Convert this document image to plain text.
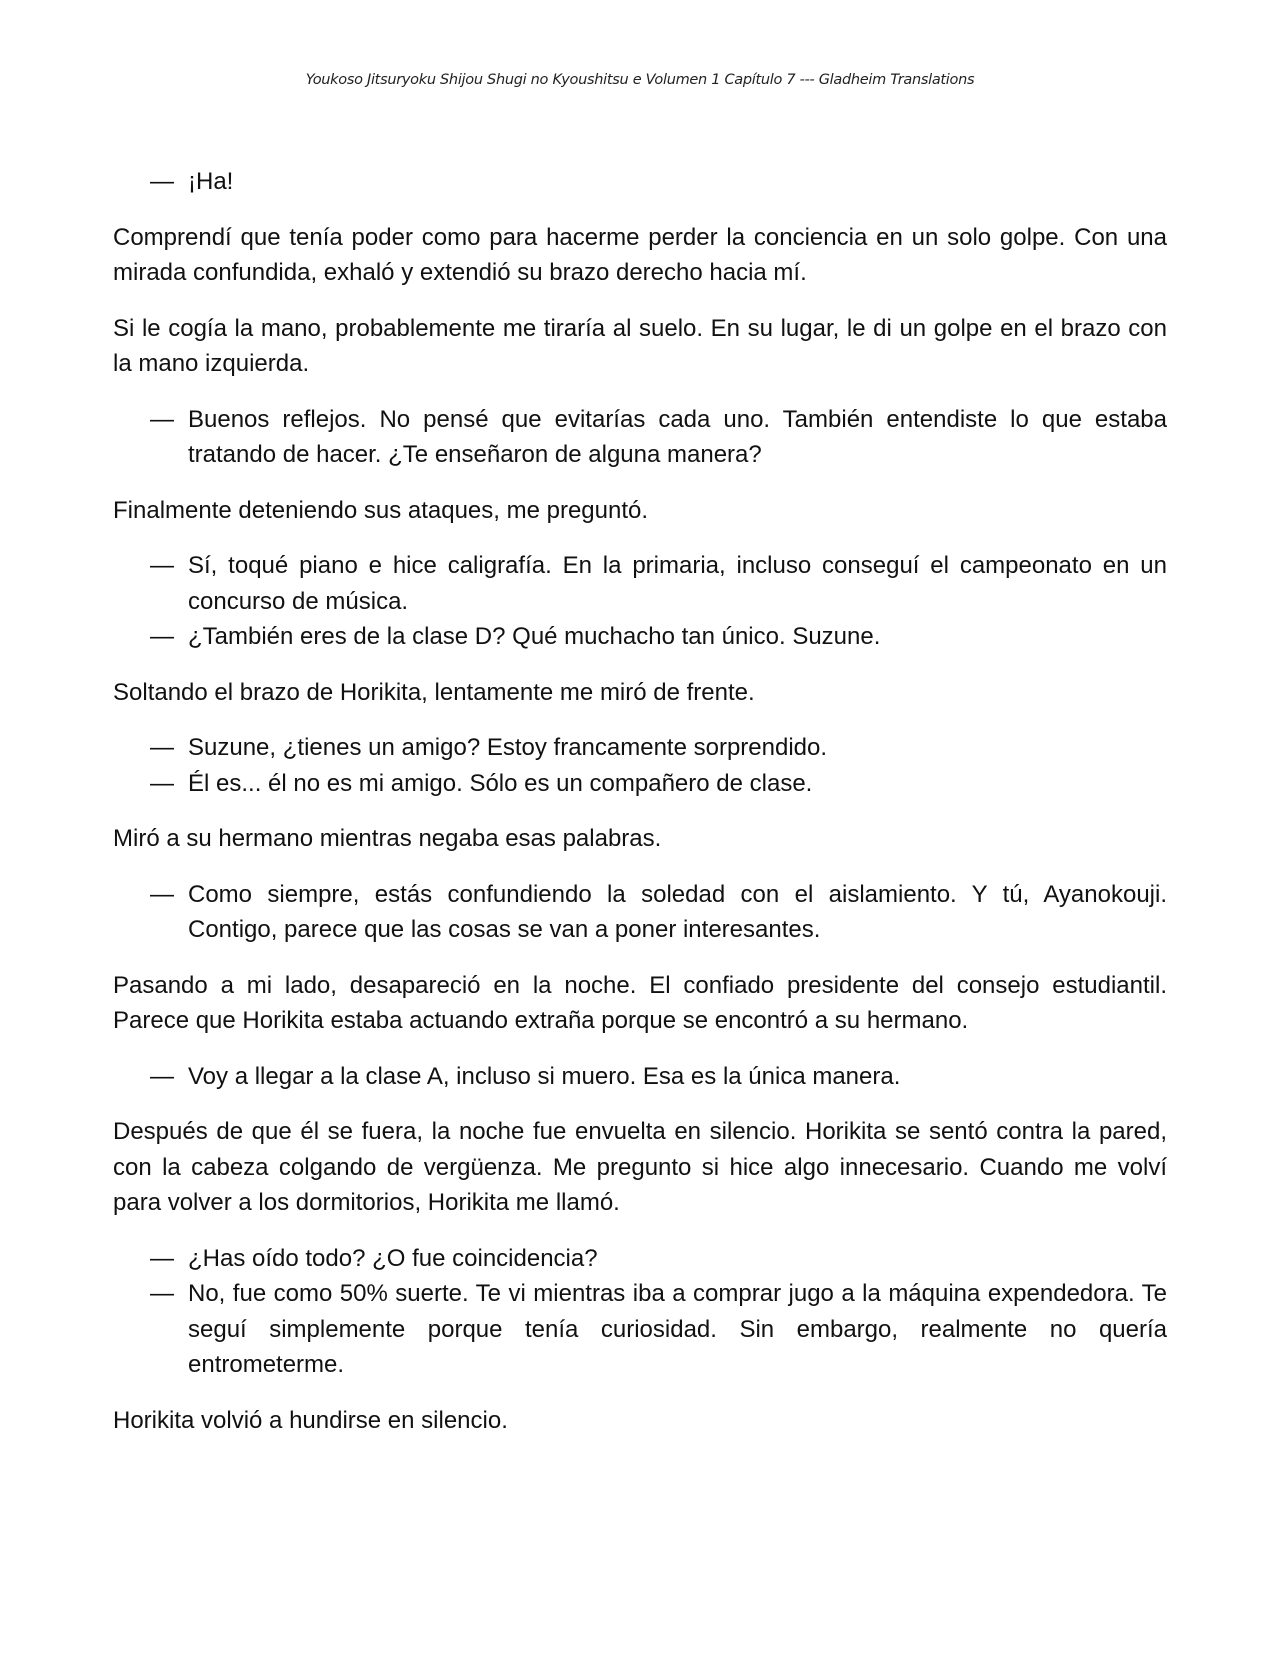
Youkoso Jitsuryoku Shijou Shugi no Kyoushitsu e Volumen 1 Capítulo 7 --- Gladheim Translations

— ¡Ha!

Comprendí que tenía poder como para hacerme perder la conciencia en un solo golpe. Con una mirada confundida, exhaló y extendió su brazo derecho hacia mí.

Si le cogía la mano, probablemente me tiraría al suelo. En su lugar, le di un golpe en el brazo con la mano izquierda.

— Buenos reflejos. No pensé que evitarías cada uno. También entendiste lo que estaba tratando de hacer. ¿Te enseñaron de alguna manera?

Finalmente deteniendo sus ataques, me preguntó.

— Sí, toqué piano e hice caligrafía. En la primaria, incluso conseguí el campeonato en un concurso de música.

— ¿También eres de la clase D? Qué muchacho tan único. Suzune.

Soltando el brazo de Horikita, lentamente me miró de frente.

— Suzune, ¿tienes un amigo? Estoy francamente sorprendido.

— Él es... él no es mi amigo. Sólo es un compañero de clase.

Miró a su hermano mientras negaba esas palabras.

— Como siempre, estás confundiendo la soledad con el aislamiento. Y tú, Ayanokouji. Contigo, parece que las cosas se van a poner interesantes.

Pasando a mi lado, desapareció en la noche. El confiado presidente del consejo estudiantil. Parece que Horikita estaba actuando extraña porque se encontró a su hermano.

— Voy a llegar a la clase A, incluso si muero. Esa es la única manera.

Después de que él se fuera, la noche fue envuelta en silencio. Horikita se sentó contra la pared, con la cabeza colgando de vergüenza. Me pregunto si hice algo innecesario. Cuando me volví para volver a los dormitorios, Horikita me llamó.

— ¿Has oído todo? ¿O fue coincidencia?

— No, fue como 50% suerte. Te vi mientras iba a comprar jugo a la máquina expendedora. Te seguí simplemente porque tenía curiosidad. Sin embargo, realmente no quería entrometerme.

Horikita volvió a hundirse en silencio.
